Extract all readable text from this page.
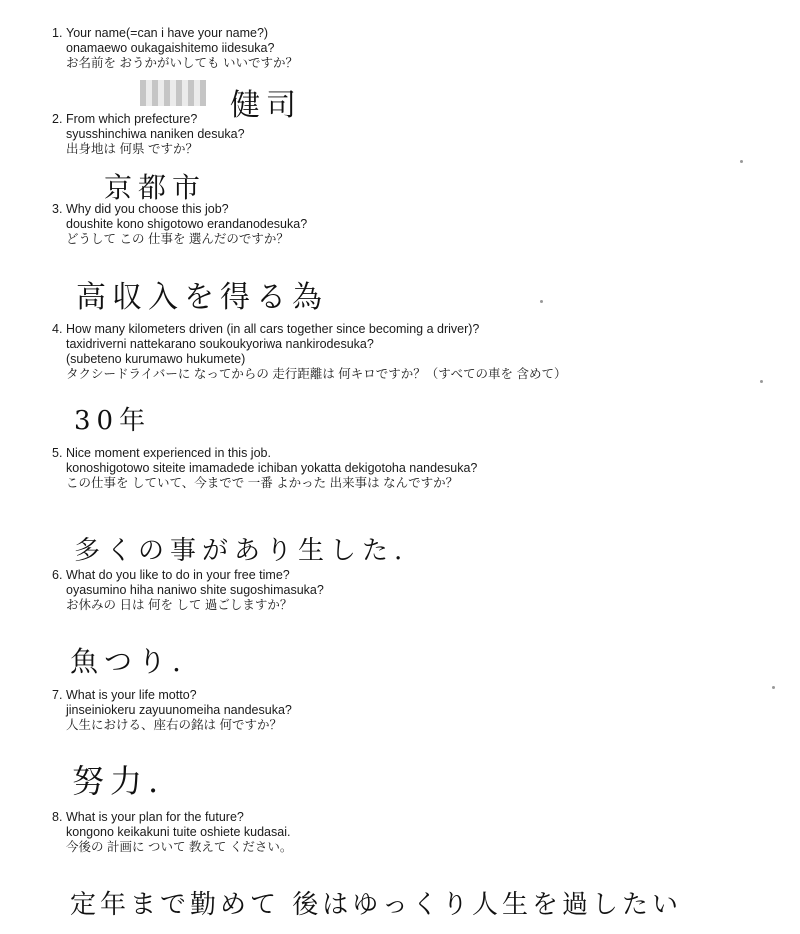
1. Your name(=can i have your name?)
onamaewo oukagaishitemo iidesuka?
お名前を おうかがいしても いいですか？
健司
2. From which prefecture?
syusshinchiwa naniken desuka?
出身地は 何県 ですか？
京都市
3. Why did you choose this job?
doushite kono shigotowo erandanodesuka?
どうして この 仕事を 選んだのですか？
高収入を得る為
4. How many kilometers driven (in all cars together since becoming a driver)?
taxidriverni nattekarano soukoukyoriwa nankirodesuka?
(subeteno kurumawo hukumete)
タクシードライバーに なってからの 走行距離は 何キロですか？（すべての車を 含めて）
30年
5. Nice moment experienced in this job.
konoshigotowo siteite imamadede ichiban yokatta dekigotoha nandesuka?
この仕事を していて、今までで 一番 よかった 出来事は なんですか？
多くの事があり生した.
6. What do you like to do in your free time?
oyasumino hiha naniwo shite sugoshimasuka?
お休みの 日は 何を して 過ごしますか？
魚つり.
7. What is your life motto?
jinseiniokeru zayuunomeiha nandesuka?
人生における、座右の銘は 何ですか？
努力.
8. What is your plan for the future?
kongono keikakuni tuite oshiete kudasai.
今後の 計画に ついて 教えて ください。
定年まで勤めて 後はゆっくり人生を過したい
